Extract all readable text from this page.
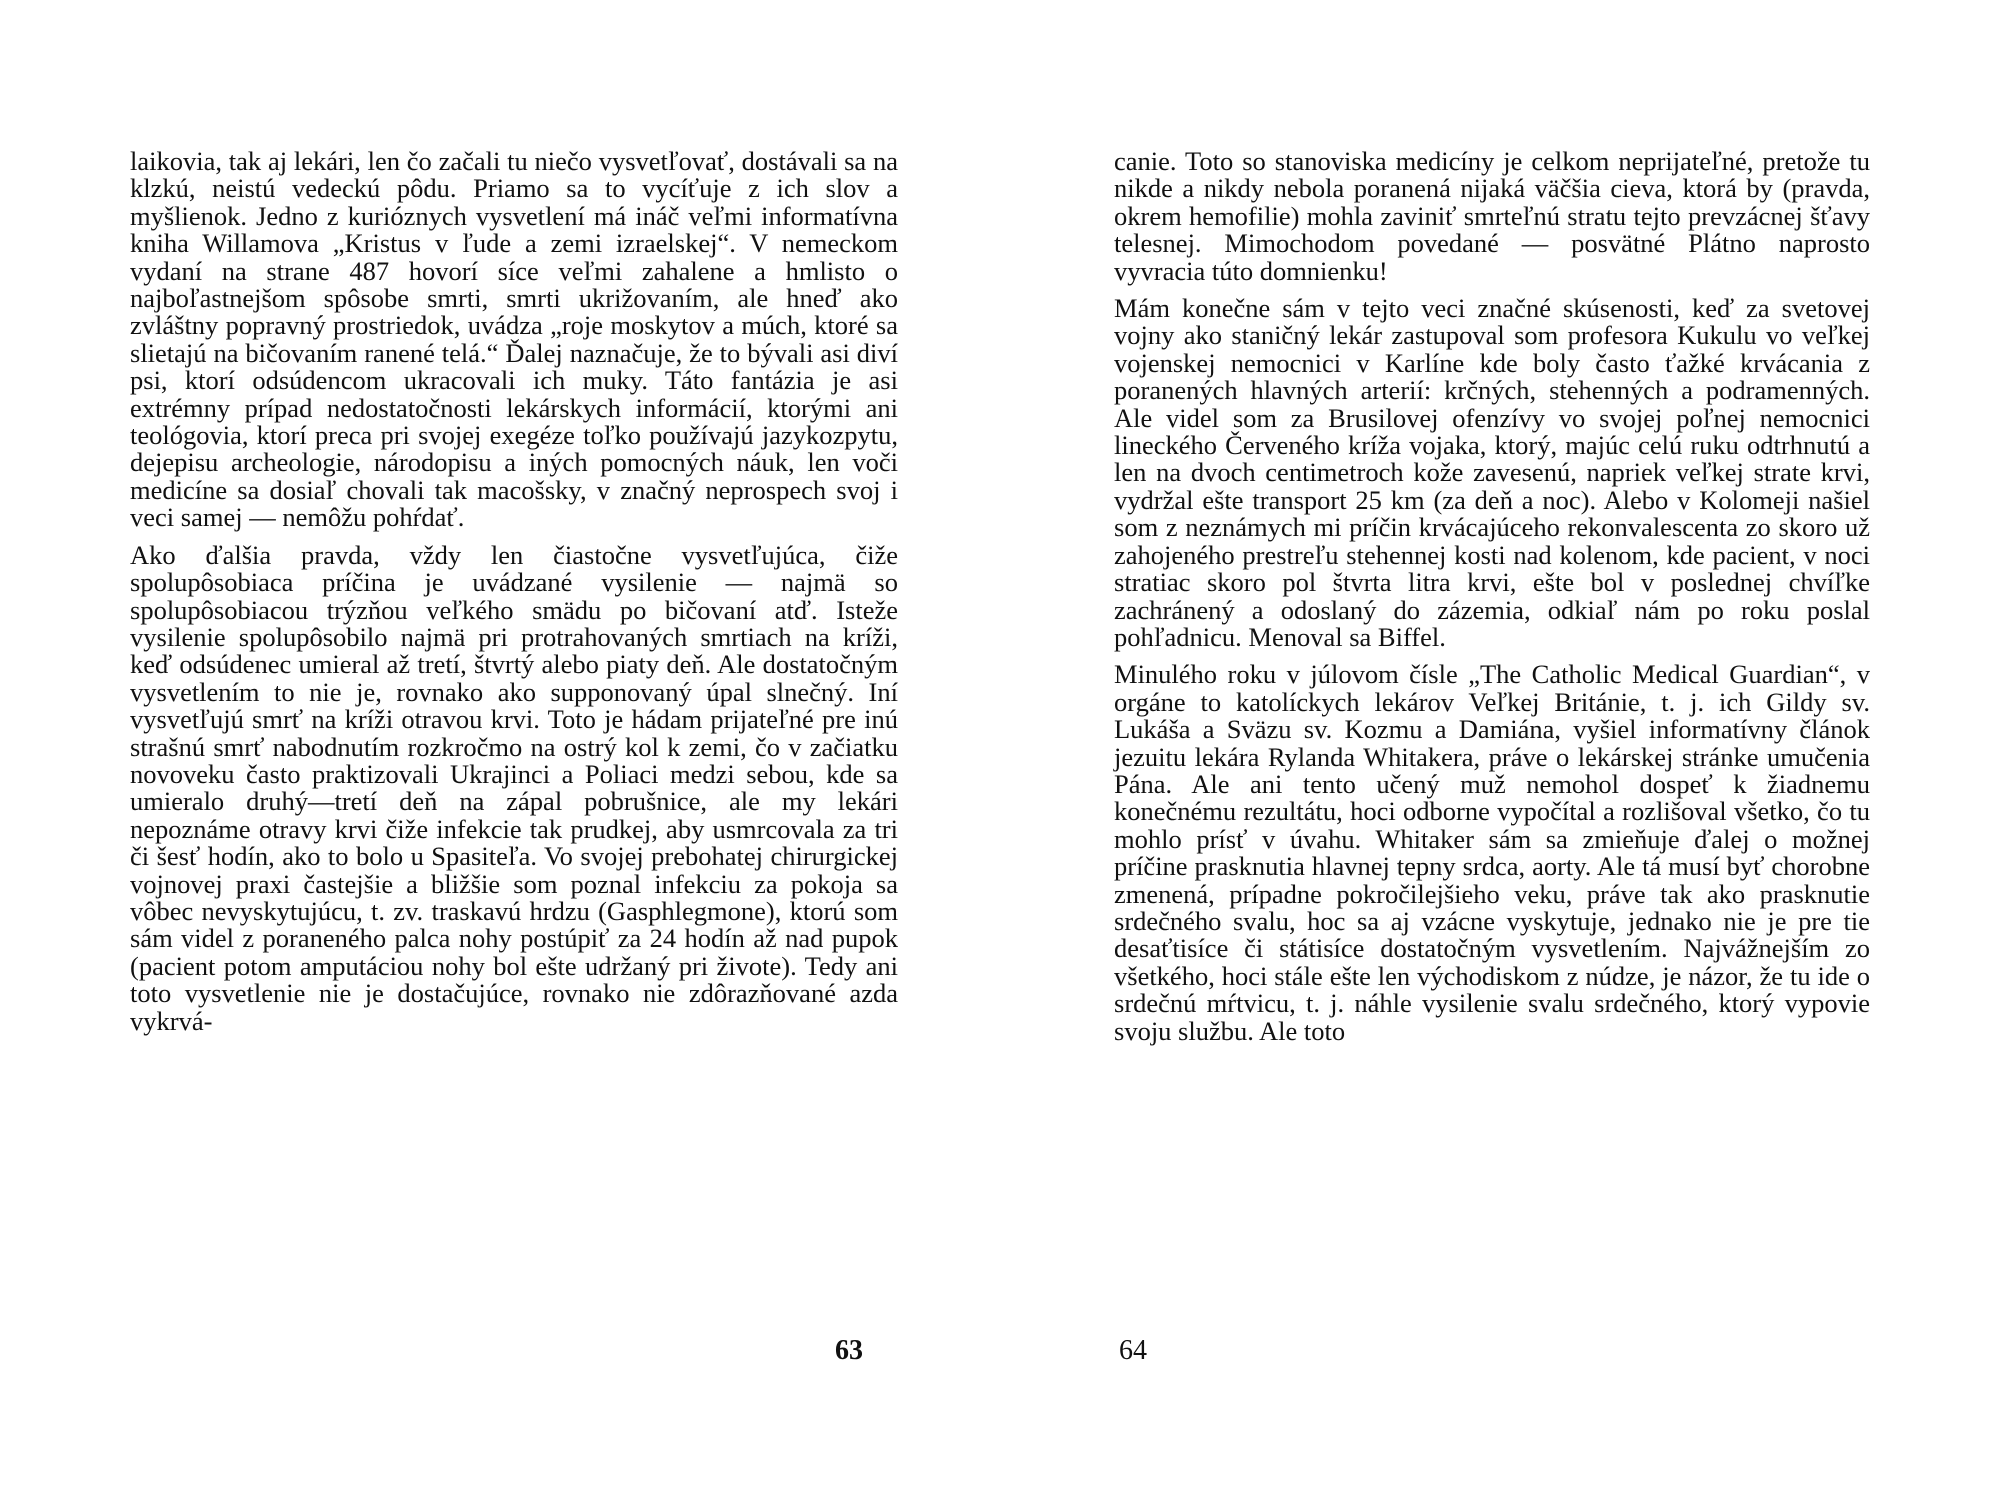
laikovia, tak aj lekári, len čo začali tu niečo vysvetľovať, dostávali sa na klzkú, neistú vedeckú pôdu. Priamo sa to vycíťuje z ich slov a myšlienok. Jedno z kurióznych vysvetlení má ináč veľmi informatívna kniha Willamova „Kristus v ľude a zemi izraelskej“. V nemeckom vydaní na strane 487 hovorí síce veľmi zahalene a hmlisto o najboľastnejšom spôsobe smrti, smrti ukrižovaním, ale hneď ako zvláštny popravný prostriedok, uvádza „roje moskytov a múch, ktoré sa slietajú na bičovaním ranené telá.“ Ďalej naznačuje, že to bývali asi diví psi, ktorí odsúdencom ukracovali ich muky. Táto fantázia je asi extrémny prípad nedostatočnosti lekárskych informácií, ktorými ani teológovia, ktorí preca pri svojej exegéze toľko používajú jazykozpytu, dejepisu archeologie, národopisu a iných pomocných náuk, len voči medicíne sa dosiaľ chovali tak macošsky, v značný neprospech svoj i veci samej — nemôžu pohŕdať.

Ako ďalšia pravda, vždy len čiastočne vysvetľujúca, čiže spolupôsobiaca príčina je uvádzané vysilenie — najmä so spolupôsobiacou trýzňou veľkého smädu po bičovaní atď. Isteže vysilenie spolupôsobilo najmä pri protrahovaných smrtiach na kríži, keď odsúdenec umieral až tretí, štvrtý alebo piaty deň. Ale dostatočným vysvetlením to nie je, rovnako ako supponovaný úpal slnečný. Iní vysvetľujú smrť na kríži otravou krvi. Toto je hádam prijateľné pre inú strašnú smrť nabodnutím rozkročmo na ostrý kol k zemi, čo v začiatku novoveku často praktizovali Ukrajinci a Poliaci medzi sebou, kde sa umieralo druhý—tretí deň na zápal pobrušnice, ale my lekári nepoznáme otravy krvi čiže infekcie tak prudkej, aby usmrcovala za tri či šesť hodín, ako to bolo u Spasiteľa. Vo svojej prebohatej chirurgickej vojnovej praxi častejšie a bližšie som poznal infekciu za pokoja sa vôbec nevyskytujúcu, t. zv. traskavú hrdzu (Gasphlegmone), ktorú som sám videl z poraneného palca nohy postúpiť za 24 hodín až nad pupok (pacient potom amputáciou nohy bol ešte udržaný pri živote). Tedy ani toto vysvetlenie nie je dostačujúce, rovnako nie zdôrazňované azda vykrvá-

63

canie. Toto so stanoviska medicíny je celkom neprijateľné, pretože tu nikde a nikdy nebola poranená nijaká väčšia cieva, ktorá by (pravda, okrem hemofilie) mohla zaviniť smrteľnú stratu tejto prevzácnej šťavy telesnej. Mimochodom povedané — posvätné Plátno naprosto vyvracia túto domnienku!

Mám konečne sám v tejto veci značné skúsenosti, keď za svetovej vojny ako staničný lekár zastupoval som profesora Kukulu vo veľkej vojenskej nemocnici v Karlíne kde boly často ťažké krvácania z poranených hlavných arterií: krčných, stehenných a podramenných. Ale videl som za Brusilovej ofenzívy vo svojej poľnej nemocnici lineckého Červeného kríža vojaka, ktorý, majúc celú ruku odtrhnutú a len na dvoch centimetroch kože zavesenú, napriek veľkej strate krvi, vydržal ešte transport 25 km (za deň a noc). Alebo v Kolomeji našiel som z neznámych mi príčin krvácajúceho rekonvalescenta zo skoro už zahojeného prestreľu stehennej kosti nad kolenom, kde pacient, v noci stratiac skoro pol štvrta litra krvi, ešte bol v poslednej chvíľke zachránený a odoslaný do zázemia, odkiaľ nám po roku poslal pohľadnicu. Menoval sa Biffel.

Minulého roku v júlovom čísle „The Catholic Medical Guardian“, v orgáne to katolíckych lekárov Veľkej Británie, t. j. ich Gildy sv. Lukáša a Sväzu sv. Kozmu a Damiána, vyšiel informatívny článok jezuitu lekára Rylanda Whitakera, práve o lekárskej stránke umučenia Pána. Ale ani tento učený muž nemohol dospeť k žiadnemu konečnému rezultátu, hoci odborne vypočítal a rozlišoval všetko, čo tu mohlo prísť v úvahu. Whitaker sám sa zmieňuje ďalej o možnej príčine prasknutia hlavnej tepny srdca, aorty. Ale tá musí byť chorobne zmenená, prípadne pokročilejšieho veku, práve tak ako prasknutie srdečného svalu, hoc sa aj vzácne vyskytuje, jednako nie je pre tie desaťtisíce či státisíce dostatočným vysvetlením. Najvážnejším zo všetkého, hoci stále ešte len východiskom z núdze, je názor, že tu ide o srdečnú mŕtvicu, t. j. náhle vysilenie svalu srdečného, ktorý vypovie svoju službu. Ale toto

64
